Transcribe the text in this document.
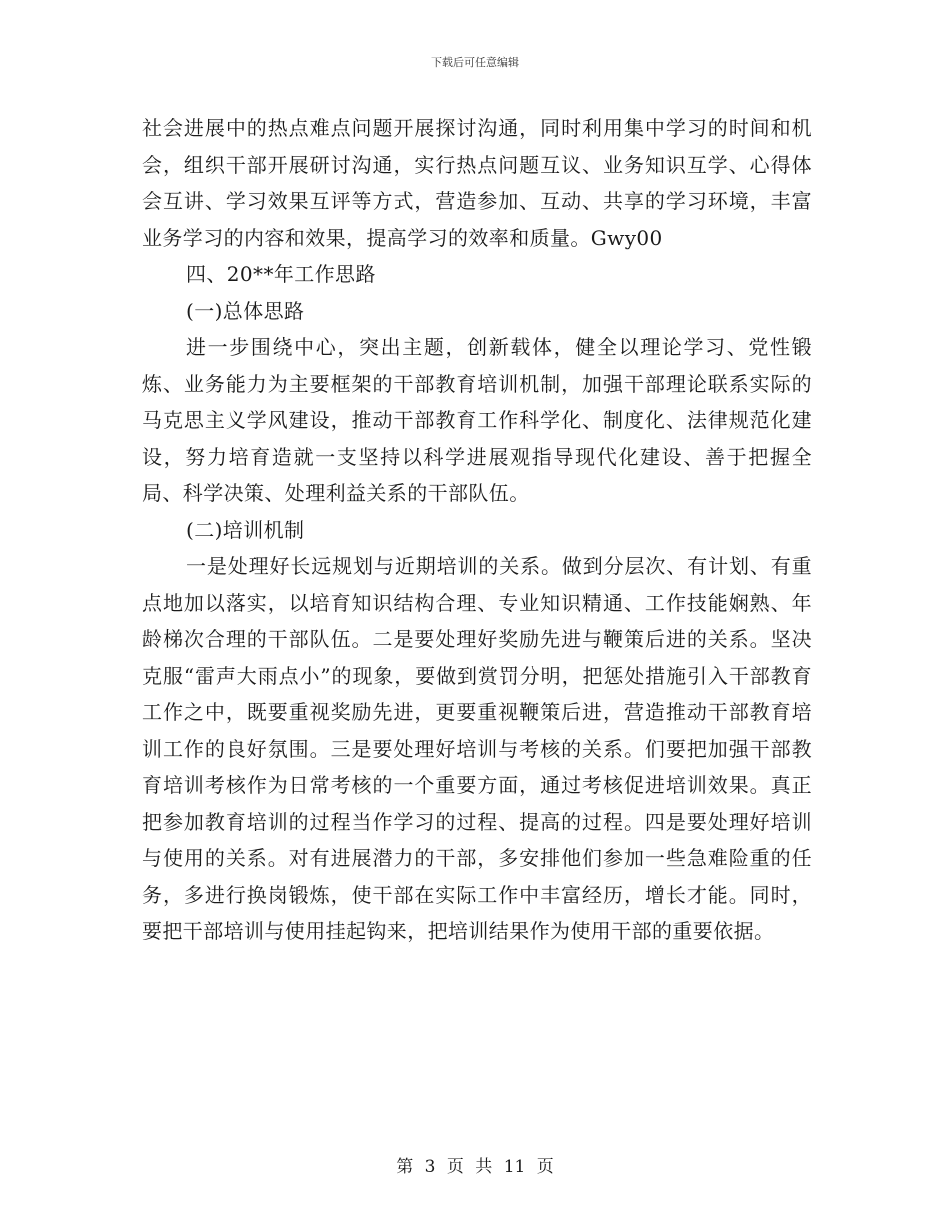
下载后可任意编辑

社会进展中的热点难点问题开展探讨沟通，同时利用集中学习的时间和机会，组织干部开展研讨沟通，实行热点问题互议、业务知识互学、心得体会互讲、学习效果互评等方式，营造参加、互动、共享的学习环境，丰富业务学习的内容和效果，提高学习的效率和质量。Gwy00

四、20**年工作思路

(一)总体思路

进一步围绕中心，突出主题，创新载体，健全以理论学习、党性锻炼、业务能力为主要框架的干部教育培训机制，加强干部理论联系实际的马克思主义学风建设，推动干部教育工作科学化、制度化、法律规范化建设，努力培育造就一支坚持以科学进展观指导现代化建设、善于把握全局、科学决策、处理利益关系的干部队伍。

(二)培训机制

一是处理好长远规划与近期培训的关系。做到分层次、有计划、有重点地加以落实，以培育知识结构合理、专业知识精通、工作技能娴熟、年龄梯次合理的干部队伍。二是要处理好奖励先进与鞭策后进的关系。坚决克服“雷声大雨点小”的现象，要做到赏罚分明，把惩处措施引入干部教育工作之中，既要重视奖励先进，更要重视鞭策后进，营造推动干部教育培训工作的良好氛围。三是要处理好培训与考核的关系。们要把加强干部教育培训考核作为日常考核的一个重要方面，通过考核促进培训效果。真正把参加教育培训的过程当作学习的过程、提高的过程。四是要处理好培训与使用的关系。对有进展潜力的干部，多安排他们参加一些急难险重的任务，多进行换岗锻炼，使干部在实际工作中丰富经历，增长才能。同时，要把干部培训与使用挂起钩来，把培训结果作为使用干部的重要依据。

第 3 页 共 11 页
